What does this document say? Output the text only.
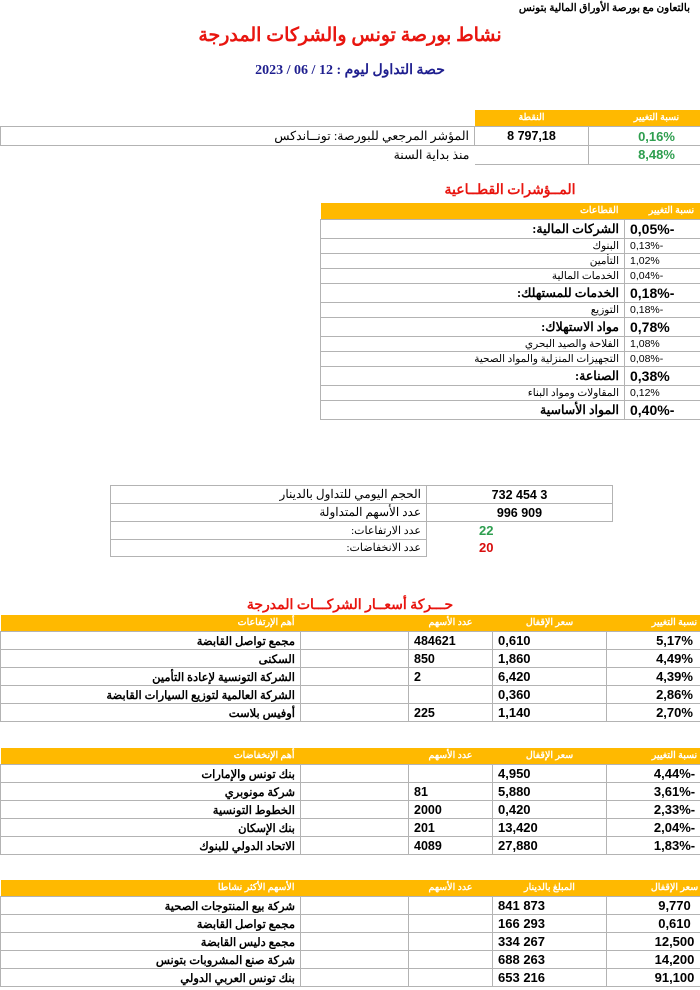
بالتعاون مع بورصة الأوراق المالية بتونس
نشاط بورصة تونس والشركات المدرجة
حصة التداول ليوم : 12 / 06 / 2023
نسبة التغيير	النقطة	
0,16%	8 797,18	المؤشر المرجعي للبورصة: تونــاندكس
8,48%		منذ بداية السنة
المــؤشرات القطــاعية
نسبة التغيير	القطاعات
-0,05%	الشركات المالية:
-0,13%	البنوك
1,02%	التأمين
-0,04%	الخدمات المالية
-0,18%	الخدمات للمستهلك:
-0,18%	التوزيع
0,78%	مواد الاستهلاك:
1,08%	الفلاحة والصيد البحري
-0,08%	التجهيزات المنزلية والمواد الصحية
0,38%	الصناعة:
0,12%	المقاولات ومواد البناء
-0,40%	المواد الأساسية
3 454 732	الحجم اليومي للتداول بالدينار
909 996	عدد الأسهم المتداولة
22	عدد الارتفاعات:
20	عدد الانخفاضات:
حـــركة أسعــار الشركـــات المدرجة
نسبة التغيير	سعر الإقفال	عدد الأسهم		أهم الإرتفاعات
5,17%	0,610	484621		مجمع تواصل القابضة
4,49%	1,860	850		السكنى
4,39%	6,420	2		الشركة التونسية لإعادة التأمين
2,86%	0,360			الشركة العالمية لتوزيع السيارات القابضة
2,70%	1,140	225		أوفيس بلاست
نسبة التغيير	سعر الإقفال	عدد الأسهم		أهم الإنخفاضات
-4,44%	4,950			بنك تونس والإمارات
-3,61%	5,880	81		شركة مونوبري
-2,33%	0,420	2000		الخطوط التونسية
-2,04%	13,420	201		بنك الإسكان
-1,83%	27,880	4089		الاتحاد الدولي للبنوك
سعر الإقفال	المبلغ بالدينار	عدد الأسهم		الأسهم الأكثر نشاطا
9,770	873 841			شركة بيع المنتوجات الصحية
0,610	293 166			مجمع تواصل القابضة
12,500	267 334			مجمع دليس القابضة
14,200	263 688			شركة صنع المشروبات بتونس
91,100	216 653			بنك تونس العربي الدولي
